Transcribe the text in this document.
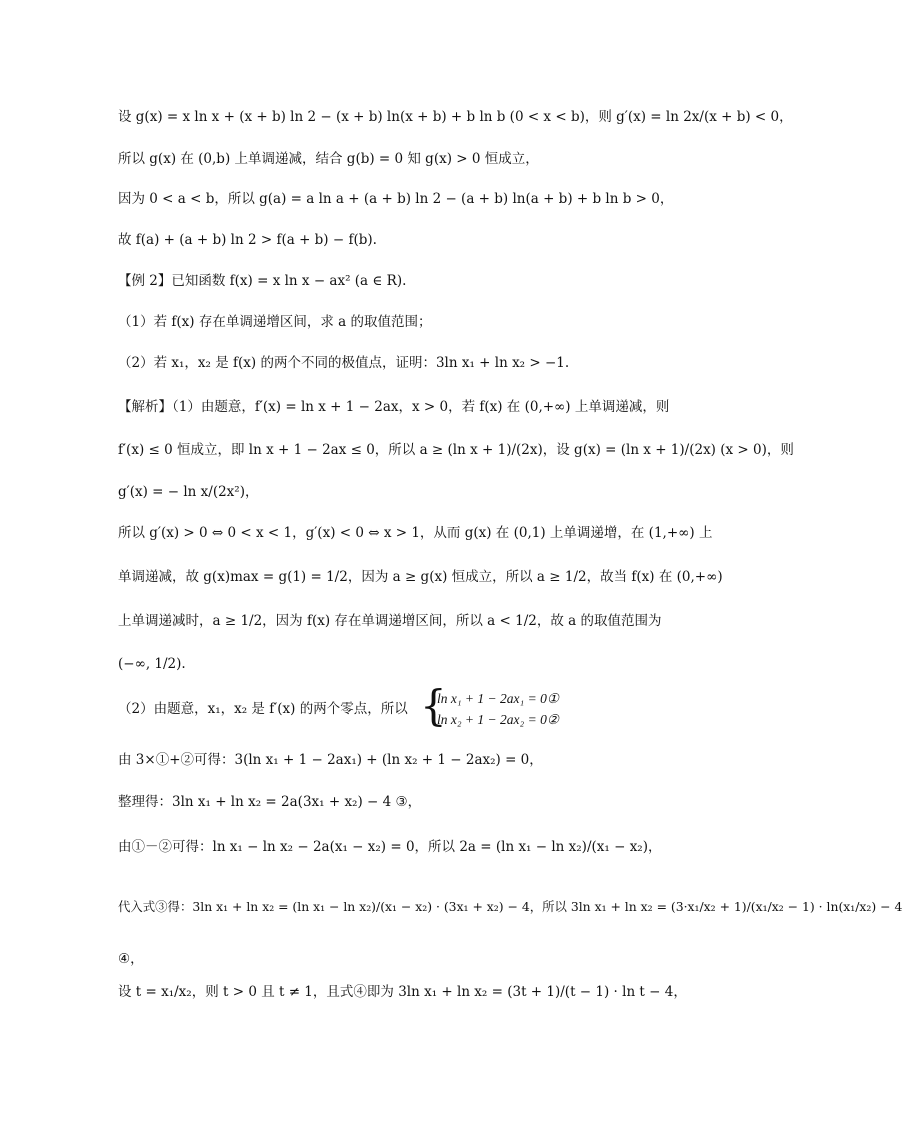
设 g(x) = x ln x + (x + b) ln 2 − (x + b) ln(x + b) + b ln b (0 < x < b)，则 g′(x) = ln 2x/(x + b) < 0，
所以 g(x) 在 (0,b) 上单调递减，结合 g(b) = 0 知 g(x) > 0 恒成立，
因为 0 < a < b，所以 g(a) = a ln a + (a + b) ln 2 − (a + b) ln(a + b) + b ln b > 0，
故 f(a) + (a + b) ln 2 > f(a + b) − f(b).
【例 2】已知函数 f(x) = x ln x − ax² (a ∈ R).
（1）若 f(x) 存在单调递增区间，求 a 的取值范围；
（2）若 x₁，x₂ 是 f(x) 的两个不同的极值点，证明：3ln x₁ + ln x₂ > −1.
【解析】（1）由题意，f′(x) = ln x + 1 − 2ax，x > 0，若 f(x) 在 (0,+∞) 上单调递减，则
f′(x) ≤ 0 恒成立，即 ln x + 1 − 2ax ≤ 0，所以 a ≥ (ln x + 1)/(2x)，设 g(x) = (ln x + 1)/(2x) (x > 0)，则
g′(x) = − ln x/(2x²)，
所以 g′(x) > 0 ⇔ 0 < x < 1，g′(x) < 0 ⇔ x > 1，从而 g(x) 在 (0,1) 上单调递增，在 (1,+∞) 上
单调递减，故 g(x)max = g(1) = 1/2，因为 a ≥ g(x) 恒成立，所以 a ≥ 1/2，故当 f(x) 在 (0,+∞)
上单调递减时，a ≥ 1/2，因为 f(x) 存在单调递增区间，所以 a < 1/2，故 a 的取值范围为
(−∞, 1/2).
（2）由题意，x₁，x₂ 是 f′(x) 的两个零点，所以 {
ln x₁ + 1 − 2ax₁ = 0①
ln x₂ + 1 − 2ax₂ = 0②
由 3×①+②可得：3(ln x₁ + 1 − 2ax₁) + (ln x₂ + 1 − 2ax₂) = 0，
整理得：3ln x₁ + ln x₂ = 2a(3x₁ + x₂) − 4 ③，
由①－②可得：ln x₁ − ln x₂ − 2a(x₁ − x₂) = 0，所以 2a = (ln x₁ − ln x₂)/(x₁ − x₂)，
代入式③得：3ln x₁ + ln x₂ = (ln x₁ − ln x₂)/(x₁ − x₂) · (3x₁ + x₂) − 4，所以 3ln x₁ + ln x₂ = (3·x₁/x₂ + 1)/(x₁/x₂ − 1) · ln(x₁/x₂) − 4
④，
设 t = x₁/x₂，则 t > 0 且 t ≠ 1，且式④即为 3ln x₁ + ln x₂ = (3t + 1)/(t − 1) · ln t − 4，
